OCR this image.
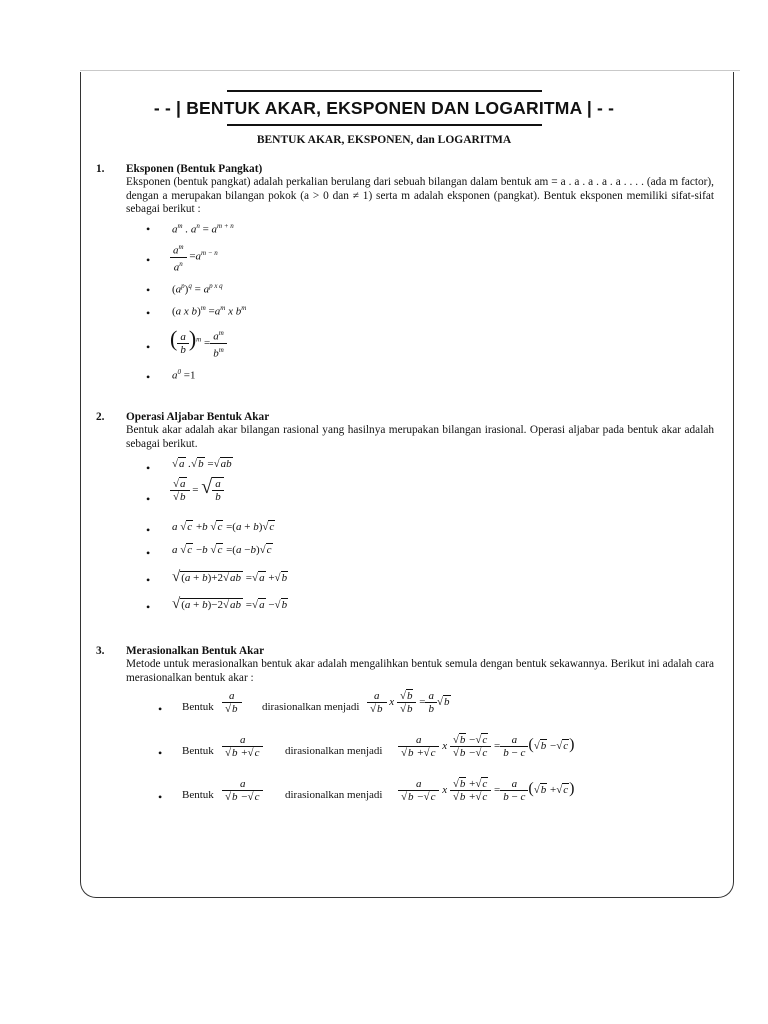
- - | BENTUK AKAR, EKSPONEN DAN LOGARITMA | - -
BENTUK AKAR, EKSPONEN, dan LOGARITMA
1. Eksponen (Bentuk Pangkat)
Eksponen (bentuk pangkat) adalah perkalian berulang dari sebuah bilangan dalam bentuk am = a . a . a . a . a . . . . (ada m factor), dengan a merupakan bilangan pokok (a > 0 dan ≠ 1) serta m adalah eksponen (pangkat). Bentuk eksponen memiliki sifat-sifat sebagai berikut :
• $a^m$ . $a^n = a^{m + n}$
• $\frac{a^m}{a^n} =a^{m - n}$
• $(a^p)^q = a^{p x q}$
• (a x $b)^m =a^m$ x $b^m$
• ( $\frac{a}{b} )^m = \frac{a^m}{b^m}$
• $a^0 =1$
2. Operasi Aljabar Bentuk Akar
Bentuk akar adalah akar bilangan rasional yang hasilnya merupakan bilangan irasional. Operasi aljabar pada bentuk akar adalah sebagai berikut.
• √a .√b =√ab
• $\frac{√a}{√b}$ = √ $\frac{a}{b}$
• a √c +b √c =(a + b)√c
• a √c −b √c =(a −b)√c
• √(a + b)+2√ab =√a +√b
• √(a + b)−2√ab =√a −√b
3. Merasionalkan Bentuk Akar
Metode untuk merasionalkan bentuk akar adalah mengalihkan bentuk semula dengan bentuk sekawannya. Berikut ini adalah cara merasionalkan bentuk akar :
• Bentuk $\frac{a}{√b}$ dirasionalkan menjadi $\frac{a}{√b}$ x $\frac{√b}{√b} = \frac{a}{b} √b$
• Bentuk $\frac{a}{√b +√c}$ dirasionalkan menjadi $\frac{a}{√b +√c}$ x $\frac{√b -√c}{√b -√c} = \frac{a}{b - c} (√b -√c)$
• Bentuk $\frac{a}{√b -√c}$ dirasionalkan menjadi $\frac{a}{√b -√c}$ x $\frac{√b +√c}{√b +√c} = \frac{a}{b - c} (√b +√c)$
